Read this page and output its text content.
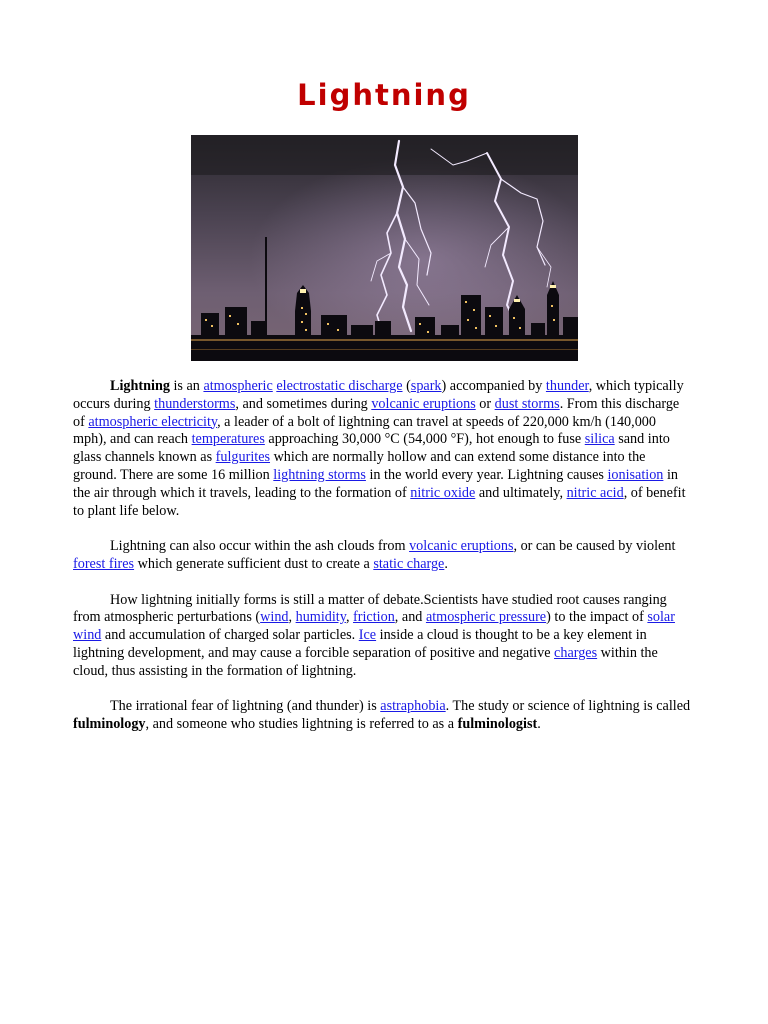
Lightning

Lightning is an atmospheric electrostatic discharge (spark) accompanied by thunder, which typically occurs during thunderstorms, and sometimes during volcanic eruptions or dust storms. From this discharge of atmospheric electricity, a leader of a bolt of lightning can travel at speeds of 220,000 km/h (140,000 mph), and can reach temperatures approaching 30,000 °C (54,000 °F), hot enough to fuse silica sand into glass channels known as fulgurites which are normally hollow and can extend some distance into the ground. There are some 16 million lightning storms in the world every year. Lightning causes ionisation in the air through which it travels, leading to the formation of nitric oxide and ultimately, nitric acid, of benefit to plant life below.

Lightning can also occur within the ash clouds from volcanic eruptions, or can be caused by violent forest fires which generate sufficient dust to create a static charge.

How lightning initially forms is still a matter of debate.Scientists have studied root causes ranging from atmospheric perturbations (wind, humidity, friction, and atmospheric pressure) to the impact of solar wind and accumulation of charged solar particles. Ice inside a cloud is thought to be a key element in lightning development, and may cause a forcible separation of positive and negative charges within the cloud, thus assisting in the formation of lightning.

The irrational fear of lightning (and thunder) is astraphobia. The study or science of lightning is called fulminology, and someone who studies lightning is referred to as a fulminologist.
